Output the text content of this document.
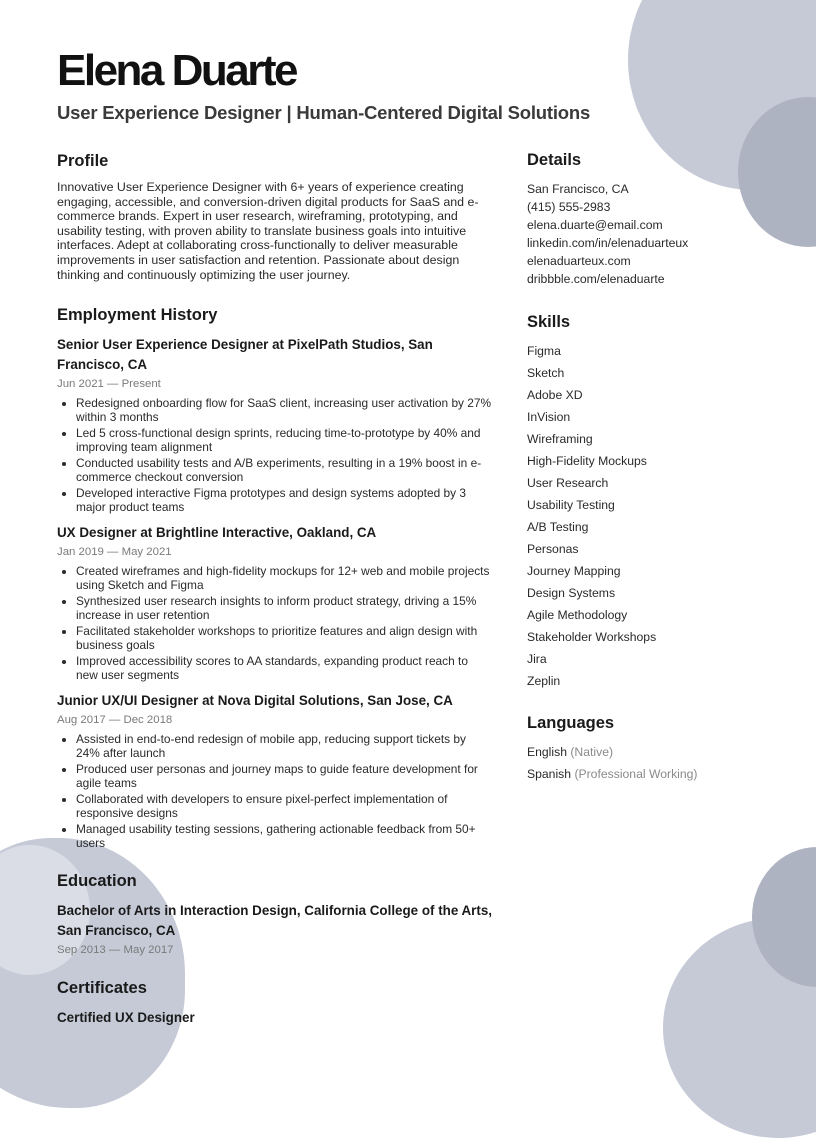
Elena Duarte
User Experience Designer | Human-Centered Digital Solutions
Profile

Innovative User Experience Designer with 6+ years of experience creating engaging, accessible, and conversion-driven digital products for SaaS and e-commerce brands. Expert in user research, wireframing, prototyping, and usability testing, with proven ability to translate business goals into intuitive interfaces. Adept at collaborating cross-functionally to deliver measurable improvements in user satisfaction and retention. Passionate about design thinking and continuously optimizing the user journey.

Employment History
Senior User Experience Designer at PixelPath Studios, San Francisco, CA
Jun 2021 — Present
• Redesigned onboarding flow for SaaS client, increasing user activation by 27% within 3 months
• Led 5 cross-functional design sprints, reducing time-to-prototype by 40% and improving team alignment
• Conducted usability tests and A/B experiments, resulting in a 19% boost in e-commerce checkout conversion
• Developed interactive Figma prototypes and design systems adopted by 3 major product teams
UX Designer at Brightline Interactive, Oakland, CA
Jan 2019 — May 2021
• Created wireframes and high-fidelity mockups for 12+ web and mobile projects using Sketch and Figma
• Synthesized user research insights to inform product strategy, driving a 15% increase in user retention
• Facilitated stakeholder workshops to prioritize features and align design with business goals
• Improved accessibility scores to AA standards, expanding product reach to new user segments
Junior UX/UI Designer at Nova Digital Solutions, San Jose, CA
Aug 2017 — Dec 2018
• Assisted in end-to-end redesign of mobile app, reducing support tickets by 24% after launch
• Produced user personas and journey maps to guide feature development for agile teams
• Collaborated with developers to ensure pixel-perfect implementation of responsive designs
• Managed usability testing sessions, gathering actionable feedback from 50+ users
Education
Bachelor of Arts in Interaction Design, California College of the Arts, San Francisco, CA
Sep 2013 — May 2017
Certificates
Certified UX Designer
Details
San Francisco, CA
(415) 555-2983
elena.duarte@email.com
linkedin.com/in/elenaduarteux
elenaduarteux.com
dribbble.com/elenaduarte
Skills
Figma
Sketch
Adobe XD
InVision
Wireframing
High-Fidelity Mockups
User Research
Usability Testing
A/B Testing
Personas
Journey Mapping
Design Systems
Agile Methodology
Stakeholder Workshops
Jira
Zeplin
Languages
English (Native)
Spanish (Professional Working)
